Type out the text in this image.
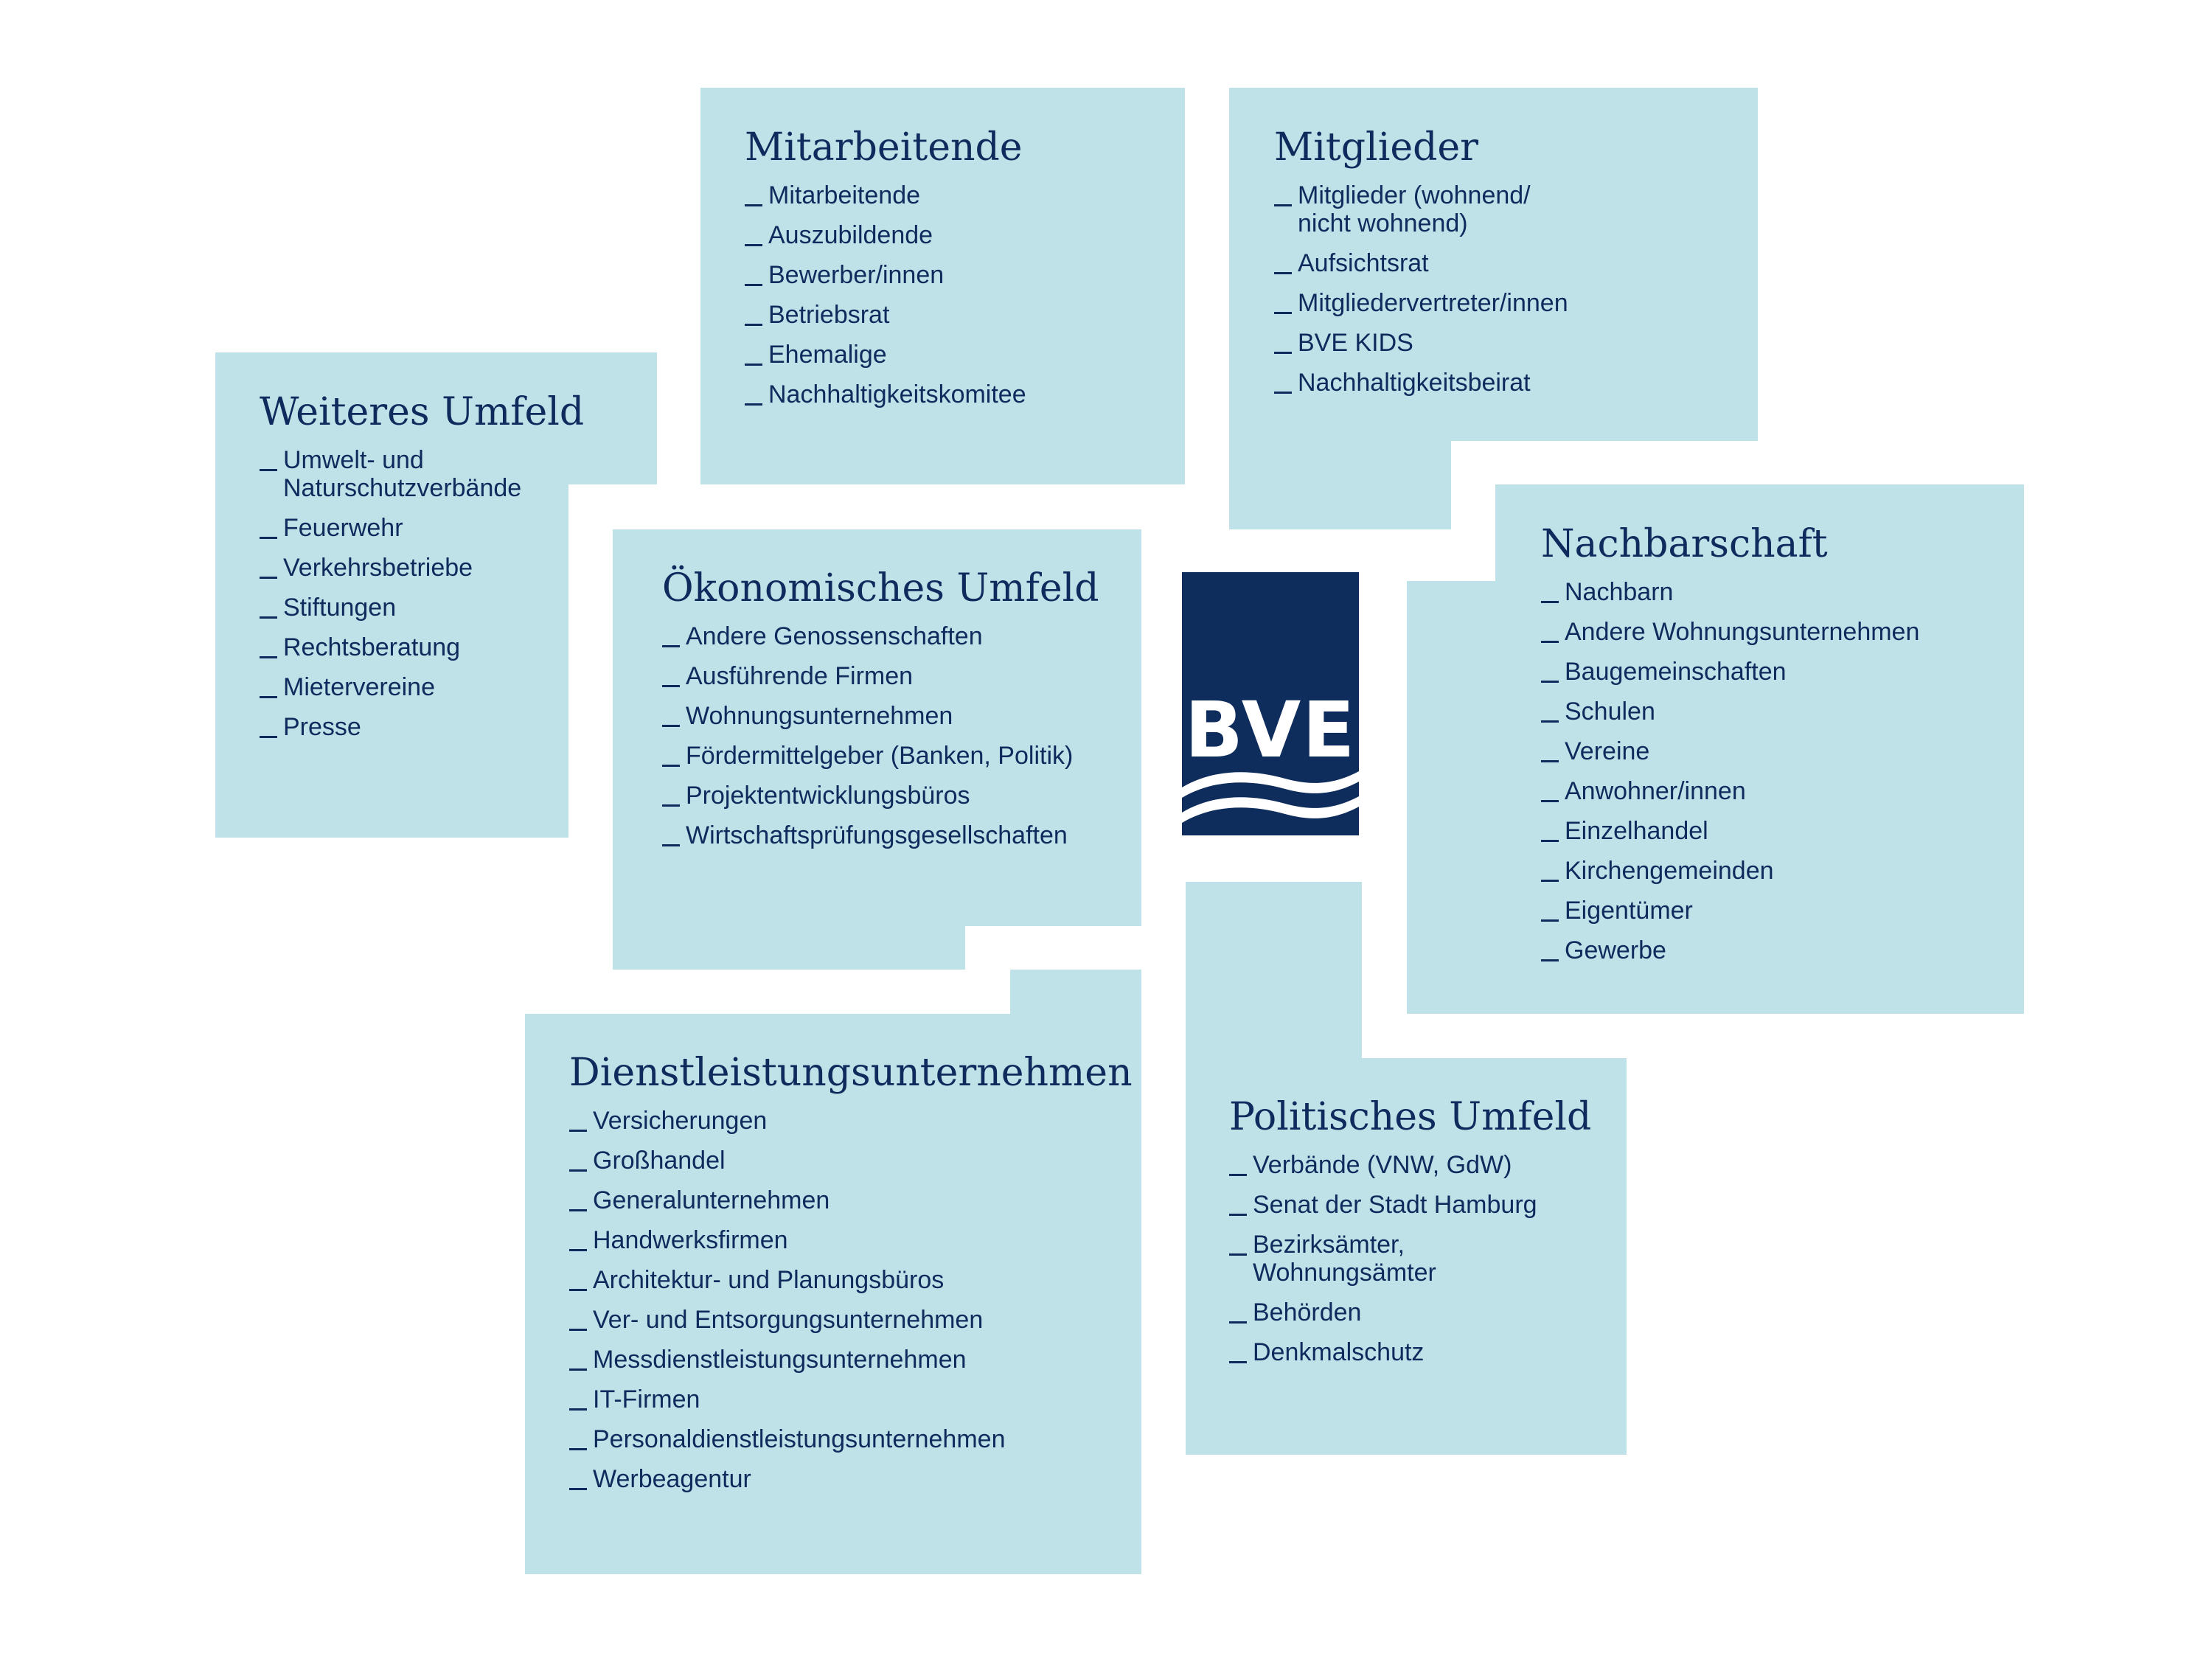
Mitarbeitende
Mitarbeitende
Auszubildende
Bewerber/innen
Betriebsrat
Ehemalige
Nachhaltigkeitskomitee
Mitglieder
Mitglieder (wohnend/
nicht wohnend)
Aufsichtsrat
Mitgliedervertreter/innen
BVE KIDS
Nachhaltigkeitsbeirat
Weiteres Umfeld
Umwelt- und
Naturschutzverbände
Feuerwehr
Verkehrsbetriebe
Stiftungen
Rechtsberatung
Mietervereine
Presse
Ökonomisches Umfeld
Andere Genossenschaften
Ausführende Firmen
Wohnungsunternehmen
Fördermittelgeber (Banken, Politik)
Projektentwicklungsbüros
Wirtschaftsprüfungsgesellschaften
Nachbarschaft
Nachbarn
Andere Wohnungsunternehmen
Baugemeinschaften
Schulen
Vereine
Anwohner/innen
Einzelhandel
Kirchengemeinden
Eigentümer
Gewerbe
Dienstleistungsunternehmen
Versicherungen
Großhandel
Generalunternehmen
Handwerksfirmen
Architektur- und Planungsbüros
Ver- und Entsorgungsunternehmen
Messdienstleistungsunternehmen
IT-Firmen
Personaldienstleistungsunternehmen
Werbeagentur
Politisches Umfeld
Verbände (VNW, GdW)
Senat der Stadt Hamburg
Bezirksämter,
Wohnungsämter
Behörden
Denkmalschutz
BVE
